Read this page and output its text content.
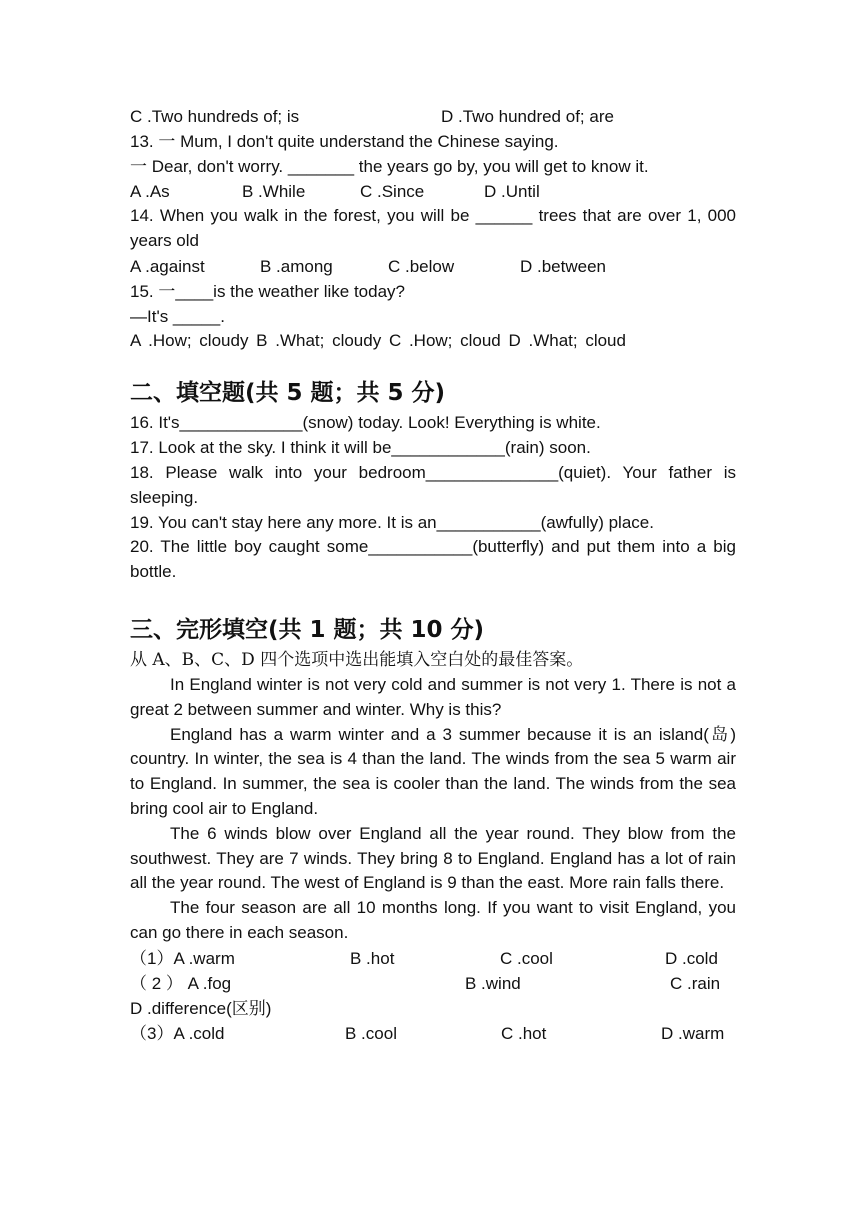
C .Two hundreds of; is	D .Two hundred of; are
13. 一 Mum, I don't quite understand the Chinese saying.
一 Dear, don't worry. _______ the years go by, you will get to know it.
A .As	B .While	C .Since	D .Until
14. When you walk in the forest, you will be ______ trees that are over 1, 000 years old
A .against	B .among	C .below	D .between
15. 一____is the weather like today?
—It's _____.
A .How; cloudy B .What; cloudy C .How; cloud D .What; cloud
二、填空题(共 5 题；共 5 分)
16. It's_____________(snow) today. Look! Everything is white.
17. Look at the sky. I think it will be____________(rain) soon.
18. Please walk into your bedroom______________(quiet). Your father is sleeping.
19. You can't stay here any more. It is an___________(awfully) place.
20. The little boy caught some___________(butterfly) and put them into a big bottle.
三、完形填空(共 1 题；共 10 分)
从 A、B、C、D 四个选项中选出能填入空白处的最佳答案。
In England winter is not very cold and summer is not very 1. There is not a great 2 between summer and winter. Why is this?
England has a warm winter and a 3 summer because it is an island(岛) country. In winter, the sea is 4 than the land. The winds from the sea 5 warm air to England. In summer, the sea is cooler than the land. The winds from the sea bring cool air to England.
The 6 winds blow over England all the year round. They blow from the southwest. They are 7 winds. They bring 8 to England. England has a lot of rain all the year round. The west of England is 9 than the east. More rain falls there.
The four season are all 10 months long. If you want to visit England, you can go there in each season.
（1）A .warm	B .hot	C .cool	D .cold
（ 2 ） A .fog	B .wind	C .rain
D .difference(区别)
（3）A .cold	B .cool	C .hot	D .warm
